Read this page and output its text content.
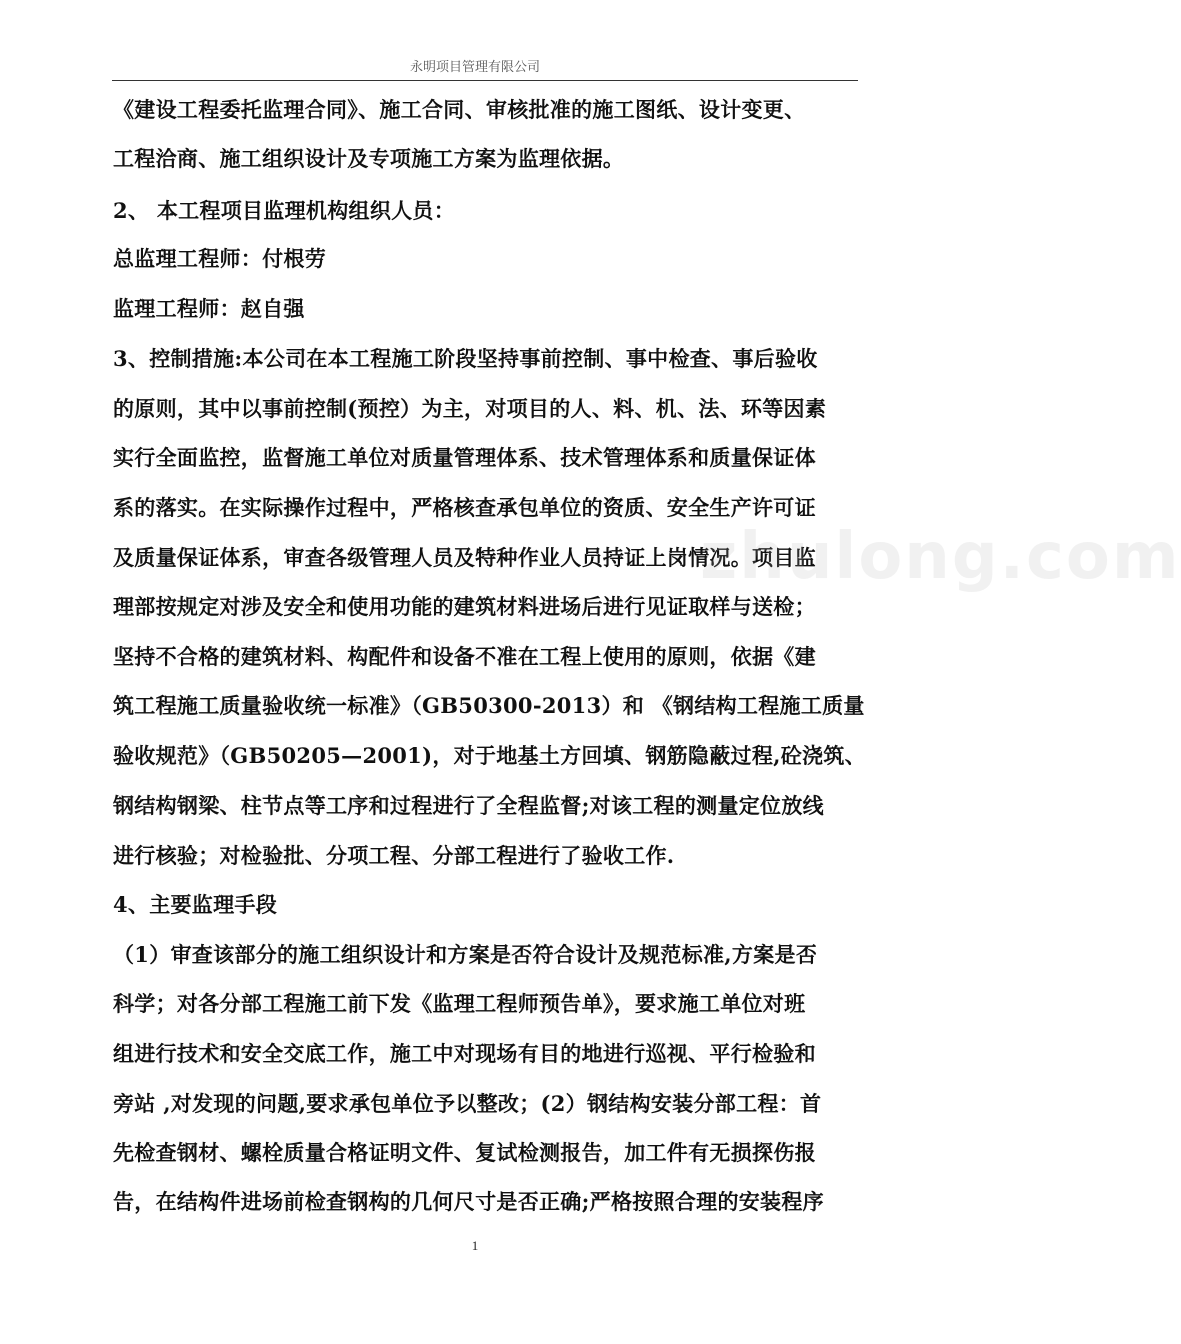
永明项目管理有限公司
《建设工程委托监理合同》、施工合同、审核批准的施工图纸、设计变更、
工程洽商、施工组织设计及专项施工方案为监理依据。
2、 本工程项目监理机构组织人员：
总监理工程师：付根劳
监理工程师：赵自强
3、控制措施:本公司在本工程施工阶段坚持事前控制、事中检查、事后验收
的原则，其中以事前控制(预控）为主，对项目的人、料、机、法、环等因素
实行全面监控，监督施工单位对质量管理体系、技术管理体系和质量保证体
系的落实。在实际操作过程中，严格核查承包单位的资质、安全生产许可证
及质量保证体系，审查各级管理人员及特种作业人员持证上岗情况。项目监
理部按规定对涉及安全和使用功能的建筑材料进场后进行见证取样与送检；
坚持不合格的建筑材料、构配件和设备不准在工程上使用的原则，依据《建
筑工程施工质量验收统一标准》（GB50300-2013）和 《钢结构工程施工质量
验收规范》（GB50205—2001)，对于地基土方回填、钢筋隐蔽过程,砼浇筑、
钢结构钢梁、柱节点等工序和过程进行了全程监督;对该工程的测量定位放线
进行核验；对检验批、分项工程、分部工程进行了验收工作.
4、主要监理手段
（1）审查该部分的施工组织设计和方案是否符合设计及规范标准,方案是否
科学；对各分部工程施工前下发《监理工程师预告单》，要求施工单位对班
组进行技术和安全交底工作，施工中对现场有目的地进行巡视、平行检验和
旁站 ,对发现的问题,要求承包单位予以整改；(2）钢结构安装分部工程：首
先检查钢材、螺栓质量合格证明文件、复试检测报告，加工件有无损探伤报
告，在结构件进场前检查钢构的几何尺寸是否正确;严格按照合理的安装程序
zhulong.com
1
